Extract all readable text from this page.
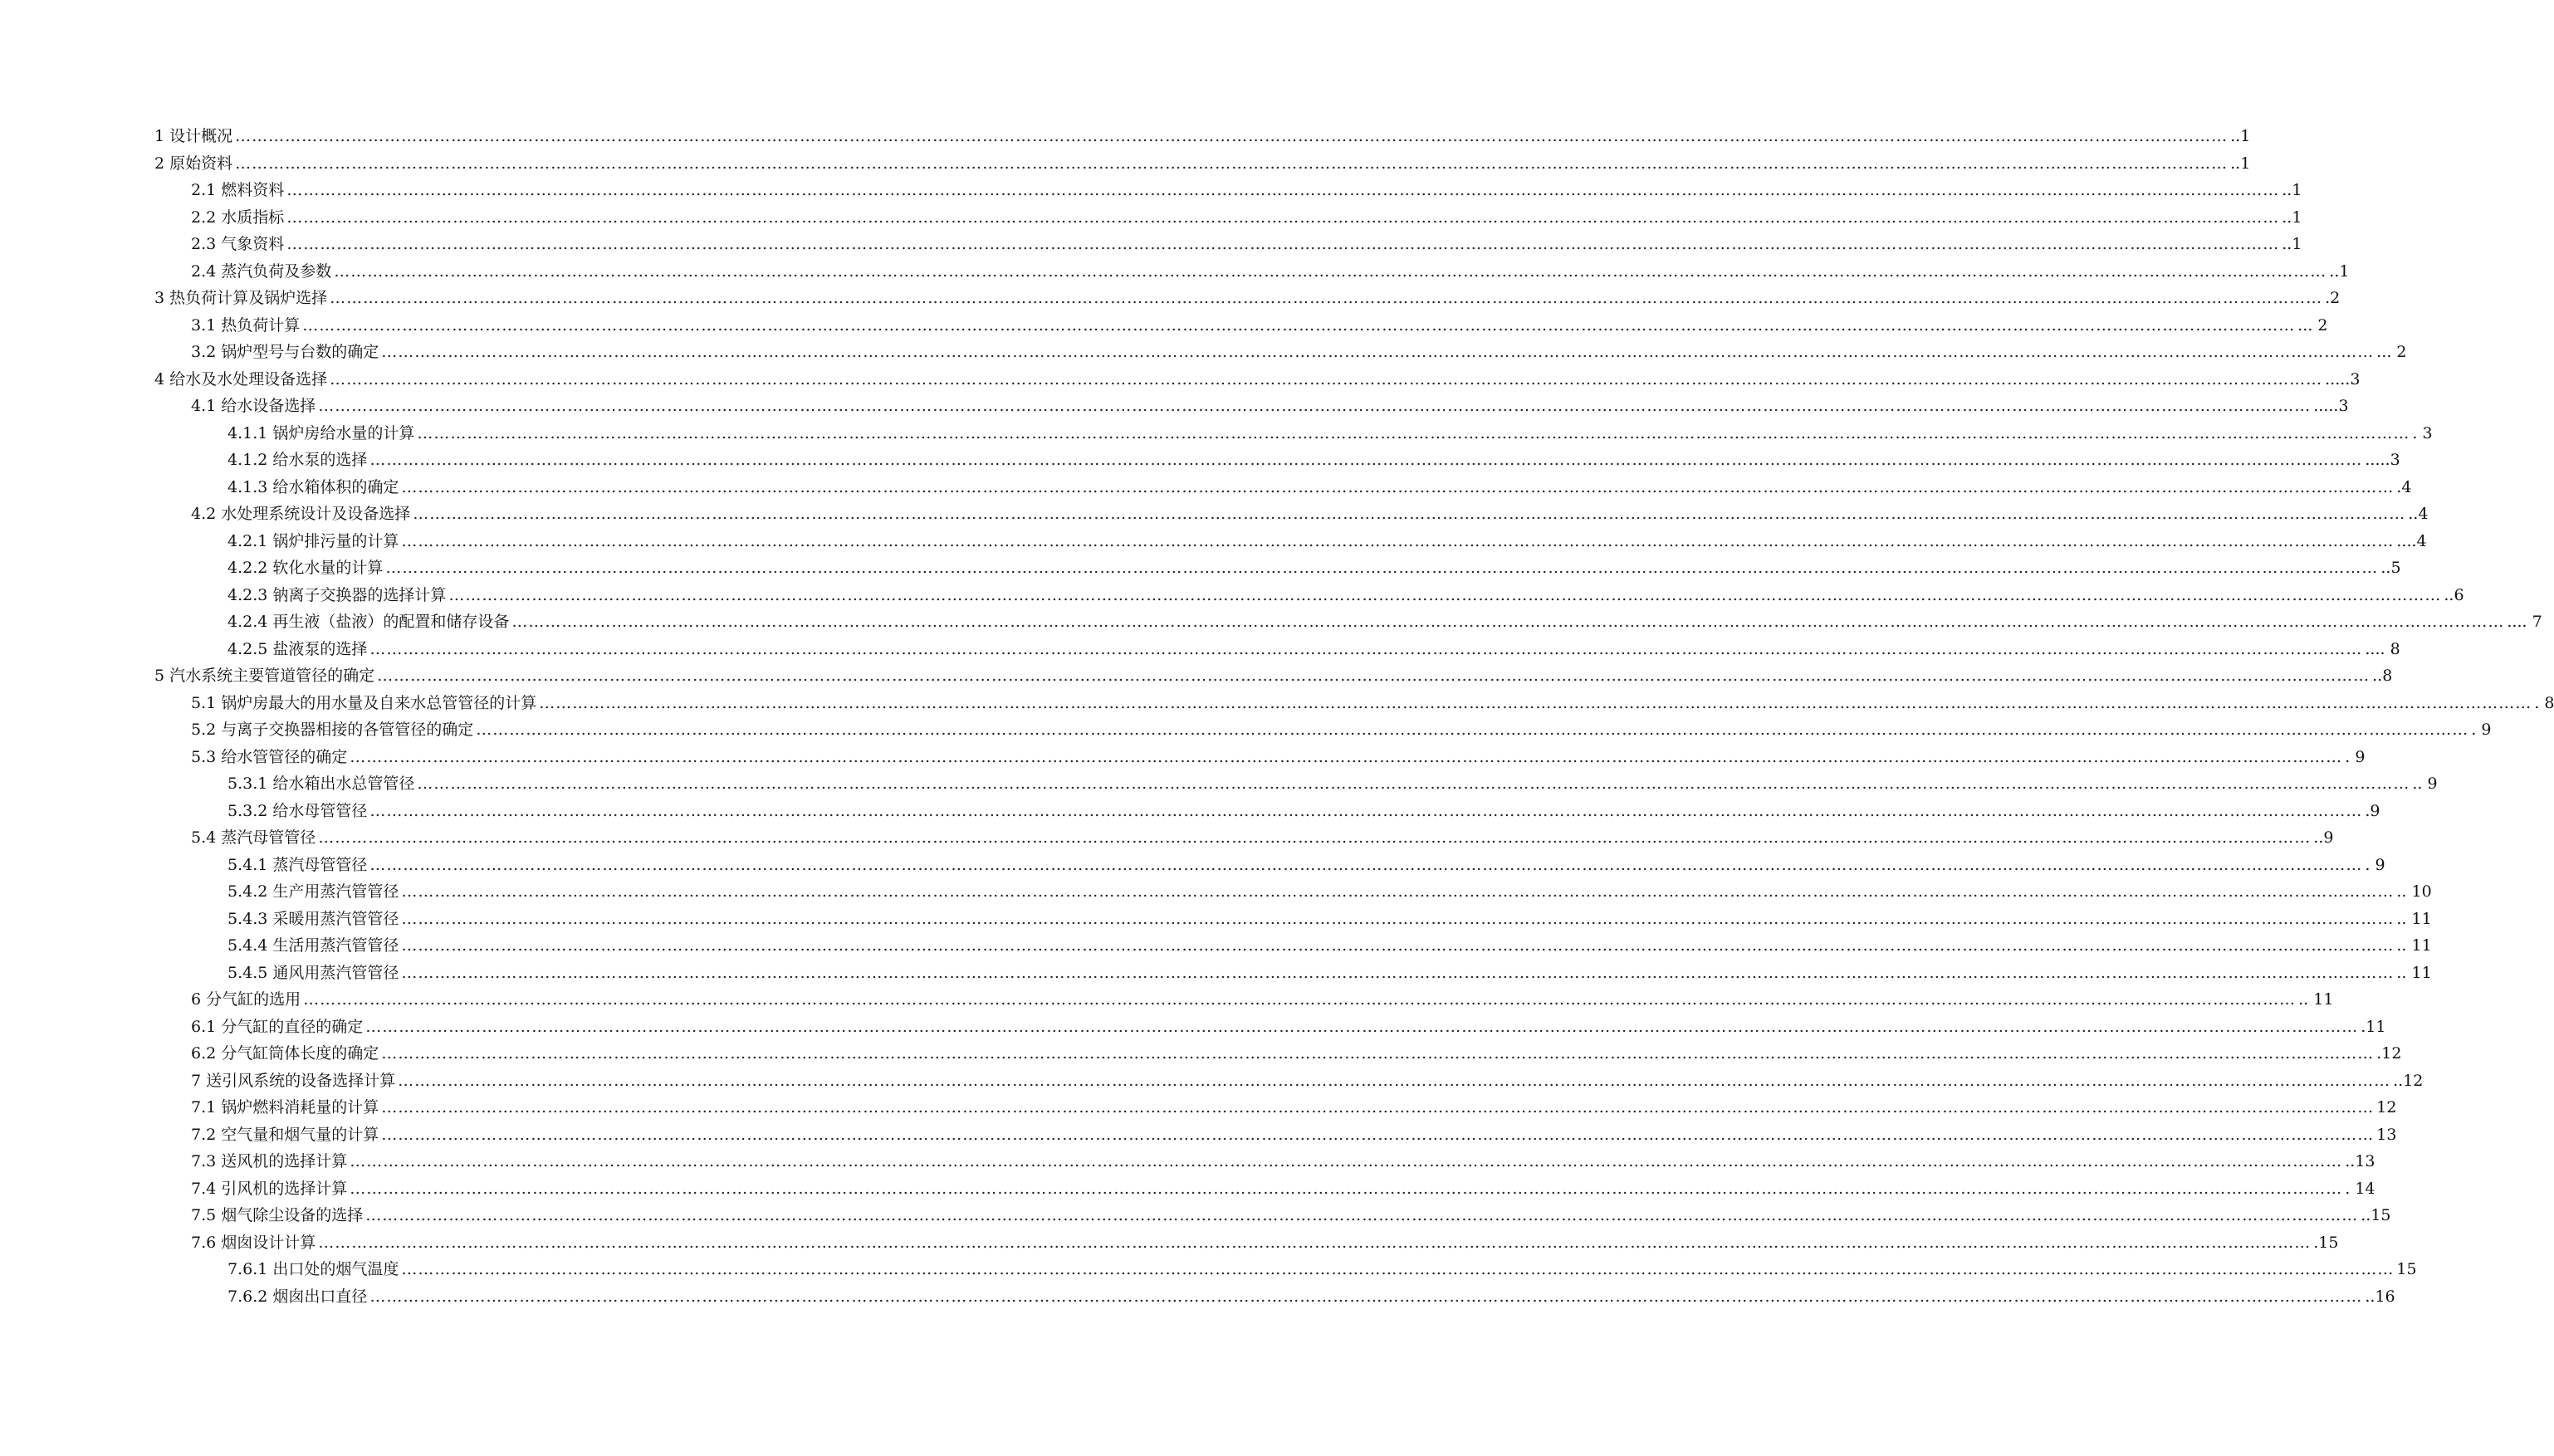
1 设计概况 ……………………………………………………………………………………………………………………………………………………………………………………………………………………………………………………………………………………………………………………………… ..1
2 原始资料 ……………………………………………………………………………………………………………………………………………………………………………………………………………………………………………………………………………………………………………………………… ..1
2.1 燃料资料 ……………………………………………………………………………………………………………………………………………………………………………………………………………………………………………………………………………………………………………………………… ..1
2.2 水质指标 ……………………………………………………………………………………………………………………………………………………………………………………………………………………………………………………………………………………………………………………………… ..1
2.3 气象资料 ……………………………………………………………………………………………………………………………………………………………………………………………………………………………………………………………………………………………………………………………… ..1
2.4 蒸汽负荷及参数 ……………………………………………………………………………………………………………………………………………………………………………………………………………………………………………………………………………………………………………………………… ..1
3 热负荷计算及锅炉选择 ……………………………………………………………………………………………………………………………………………………………………………………………………………………………………………………………………………………………………………………………… .2
3.1 热负荷计算 ……………………………………………………………………………………………………………………………………………………………………………………………………………………………………………………………………………………………………………………………… ... 2
3.2 锅炉型号与台数的确定 ……………………………………………………………………………………………………………………………………………………………………………………………………………………………………………………………………………………………………………………………… ... 2
4 给水及水处理设备选择 ……………………………………………………………………………………………………………………………………………………………………………………………………………………………………………………………………………………………………………………………… .....3
4.1 给水设备选择 ……………………………………………………………………………………………………………………………………………………………………………………………………………………………………………………………………………………………………………………………… .....3
4.1.1 锅炉房给水量的计算 ……………………………………………………………………………………………………………………………………………………………………………………………………………………………………………………………………………………………………………………………… . 3
4.1.2 给水泵的选择 ……………………………………………………………………………………………………………………………………………………………………………………………………………………………………………………………………………………………………………………………… .....3
4.1.3 给水箱体积的确定 ……………………………………………………………………………………………………………………………………………………………………………………………………………………………………………………………………………………………………………………………… .4
4.2 水处理系统设计及设备选择 ……………………………………………………………………………………………………………………………………………………………………………………………………………………………………………………………………………………………………………………………… ..4
4.2.1 锅炉排污量的计算 ……………………………………………………………………………………………………………………………………………………………………………………………………………………………………………………………………………………………………………………………… ....4
4.2.2 软化水量的计算 ……………………………………………………………………………………………………………………………………………………………………………………………………………………………………………………………………………………………………………………………… ..5
4.2.3 钠离子交换器的选择计算 ……………………………………………………………………………………………………………………………………………………………………………………………………………………………………………………………………………………………………………………………… ..6
4.2.4 再生液（盐液）的配置和储存设备 ……………………………………………………………………………………………………………………………………………………………………………………………………………………………………………………………………………………………………………………………… .... 7
4.2.5 盐液泵的选择 ……………………………………………………………………………………………………………………………………………………………………………………………………………………………………………………………………………………………………………………………… .... 8
5 汽水系统主要管道管径的确定 ……………………………………………………………………………………………………………………………………………………………………………………………………………………………………………………………………………………………………………………………… ..8
5.1 锅炉房最大的用水量及自来水总管管径的计算 ……………………………………………………………………………………………………………………………………………………………………………………………………………………………………………………………………………………………………………………………… . 8
5.2 与离子交换器相接的各管管径的确定 ……………………………………………………………………………………………………………………………………………………………………………………………………………………………………………………………………………………………………………………………… . 9
5.3 给水管管径的确定 ……………………………………………………………………………………………………………………………………………………………………………………………………………………………………………………………………………………………………………………………… . 9
5.3.1 给水箱出水总管管径 ……………………………………………………………………………………………………………………………………………………………………………………………………………………………………………………………………………………………………………………………… .. 9
5.3.2 给水母管管径 ……………………………………………………………………………………………………………………………………………………………………………………………………………………………………………………………………………………………………………………………… .9
5.4 蒸汽母管管径 ……………………………………………………………………………………………………………………………………………………………………………………………………………………………………………………………………………………………………………………………… ..9
5.4.1 蒸汽母管管径 ……………………………………………………………………………………………………………………………………………………………………………………………………………………………………………………………………………………………………………………………… . 9
5.4.2 生产用蒸汽管管径 ……………………………………………………………………………………………………………………………………………………………………………………………………………………………………………………………………………………………………………………………… .. 10
5.4.3 采暖用蒸汽管管径 ……………………………………………………………………………………………………………………………………………………………………………………………………………………………………………………………………………………………………………………………… .. 11
5.4.4 生活用蒸汽管管径 ……………………………………………………………………………………………………………………………………………………………………………………………………………………………………………………………………………………………………………………………… .. 11
5.4.5 通风用蒸汽管管径 ……………………………………………………………………………………………………………………………………………………………………………………………………………………………………………………………………………………………………………………………… .. 11
6 分气缸的选用 ……………………………………………………………………………………………………………………………………………………………………………………………………………………………………………………………………………………………………………………………… .. 11
6.1 分气缸的直径的确定 ……………………………………………………………………………………………………………………………………………………………………………………………………………………………………………………………………………………………………………………………… .11
6.2 分气缸筒体长度的确定 ……………………………………………………………………………………………………………………………………………………………………………………………………………………………………………………………………………………………………………………………… .12
7 送引风系统的设备选择计算 ……………………………………………………………………………………………………………………………………………………………………………………………………………………………………………………………………………………………………………………………… ..12
7.1 锅炉燃料消耗量的计算 ……………………………………………………………………………………………………………………………………………………………………………………………………………………………………………………………………………………………………………………………… 12
7.2 空气量和烟气量的计算 ……………………………………………………………………………………………………………………………………………………………………………………………………………………………………………………………………………………………………………………………… 13
7.3 送风机的选择计算 ……………………………………………………………………………………………………………………………………………………………………………………………………………………………………………………………………………………………………………………………… ..13
7.4 引风机的选择计算 ……………………………………………………………………………………………………………………………………………………………………………………………………………………………………………………………………………………………………………………………… . 14
7.5 烟气除尘设备的选择 ……………………………………………………………………………………………………………………………………………………………………………………………………………………………………………………………………………………………………………………………… ..15
7.6 烟囱设计计算 ……………………………………………………………………………………………………………………………………………………………………………………………………………………………………………………………………………………………………………………………… .15
7.6.1 出口处的烟气温度 ……………………………………………………………………………………………………………………………………………………………………………………………………………………………………………………………………………………………………………………………… 15
7.6.2 烟囱出口直径 ……………………………………………………………………………………………………………………………………………………………………………………………………………………………………………………………………………………………………………………………… ..16
